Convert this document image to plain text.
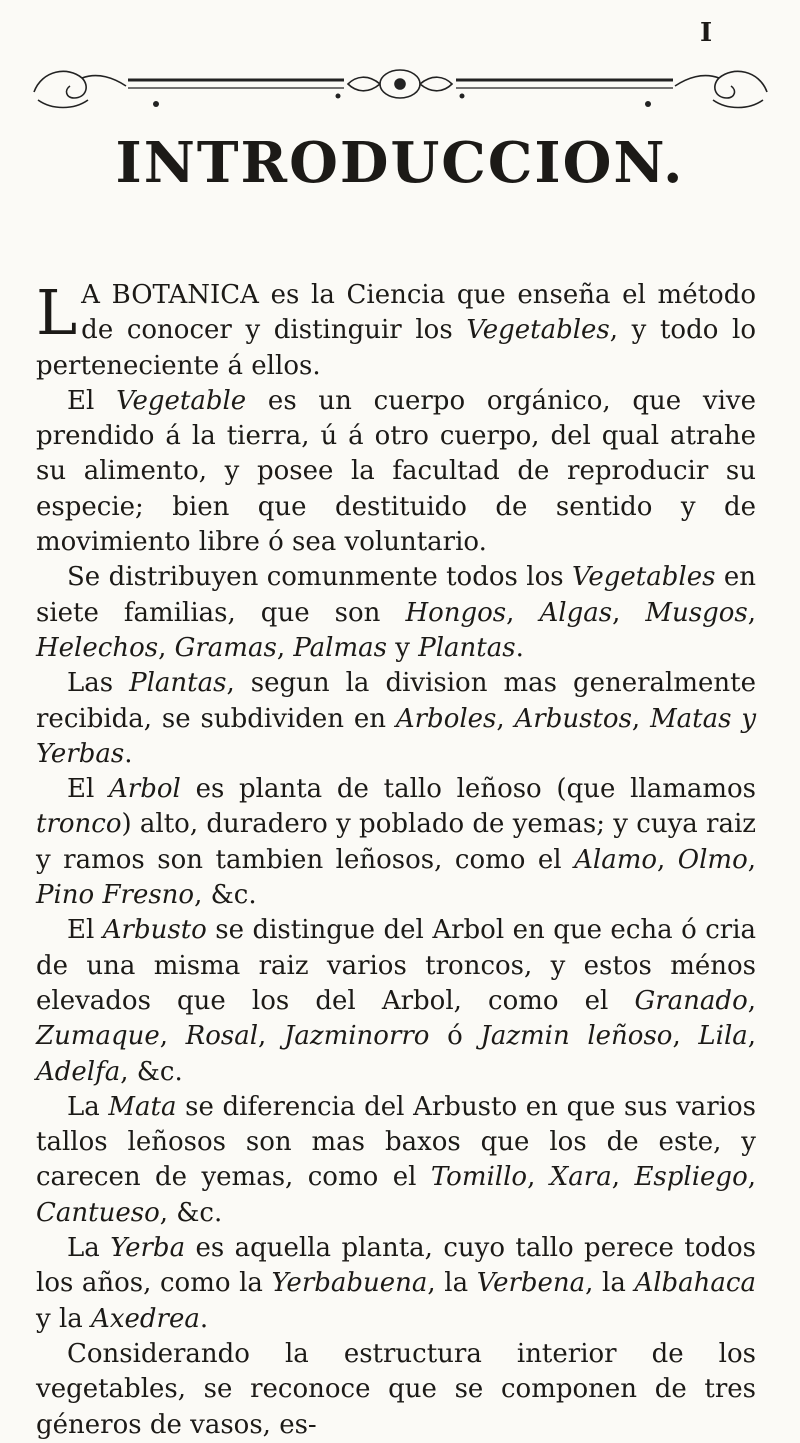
I
INTRODUCCION.

L A BOTANICA es la Ciencia que enseña el método de conocer y distinguir los Vegetables, y todo lo perteneciente á ellos.

El Vegetable es un cuerpo orgánico, que vive prendido á la tierra, ú á otro cuerpo, del qual atrahe su alimento, y posee la facultad de reproducir su especie; bien que destituido de sentido y de movimiento libre ó sea voluntario.

Se distribuyen comunmente todos los Vegetables en siete familias, que son Hongos, Algas, Musgos, Helechos, Gramas, Palmas y Plantas.

Las Plantas, segun la division mas generalmente recibida, se subdividen en Arboles, Arbustos, Matas y Yerbas.

El Arbol es planta de tallo leñoso (que llamamos tronco) alto, duradero y poblado de yemas; y cuya raiz y ramos son tambien leñosos, como el Alamo, Olmo, Pino Fresno, &c.

El Arbusto se distingue del Arbol en que echa ó cria de una misma raiz varios troncos, y estos ménos elevados que los del Arbol, como el Granado, Zumaque, Rosal, Jazminorro ó Jazmin leñoso, Lila, Adelfa, &c.

La Mata se diferencia del Arbusto en que sus varios tallos leñosos son mas baxos que los de este, y carecen de yemas, como el Tomillo, Xara, Espliego, Cantueso, &c.

La Yerba es aquella planta, cuyo tallo perece todos los años, como la Yerbabuena, la Verbena, la Albahaca y la Axedrea.

Considerando la estructura interior de los vegetables, se reconoce que se componen de tres géneros de vasos, es-
